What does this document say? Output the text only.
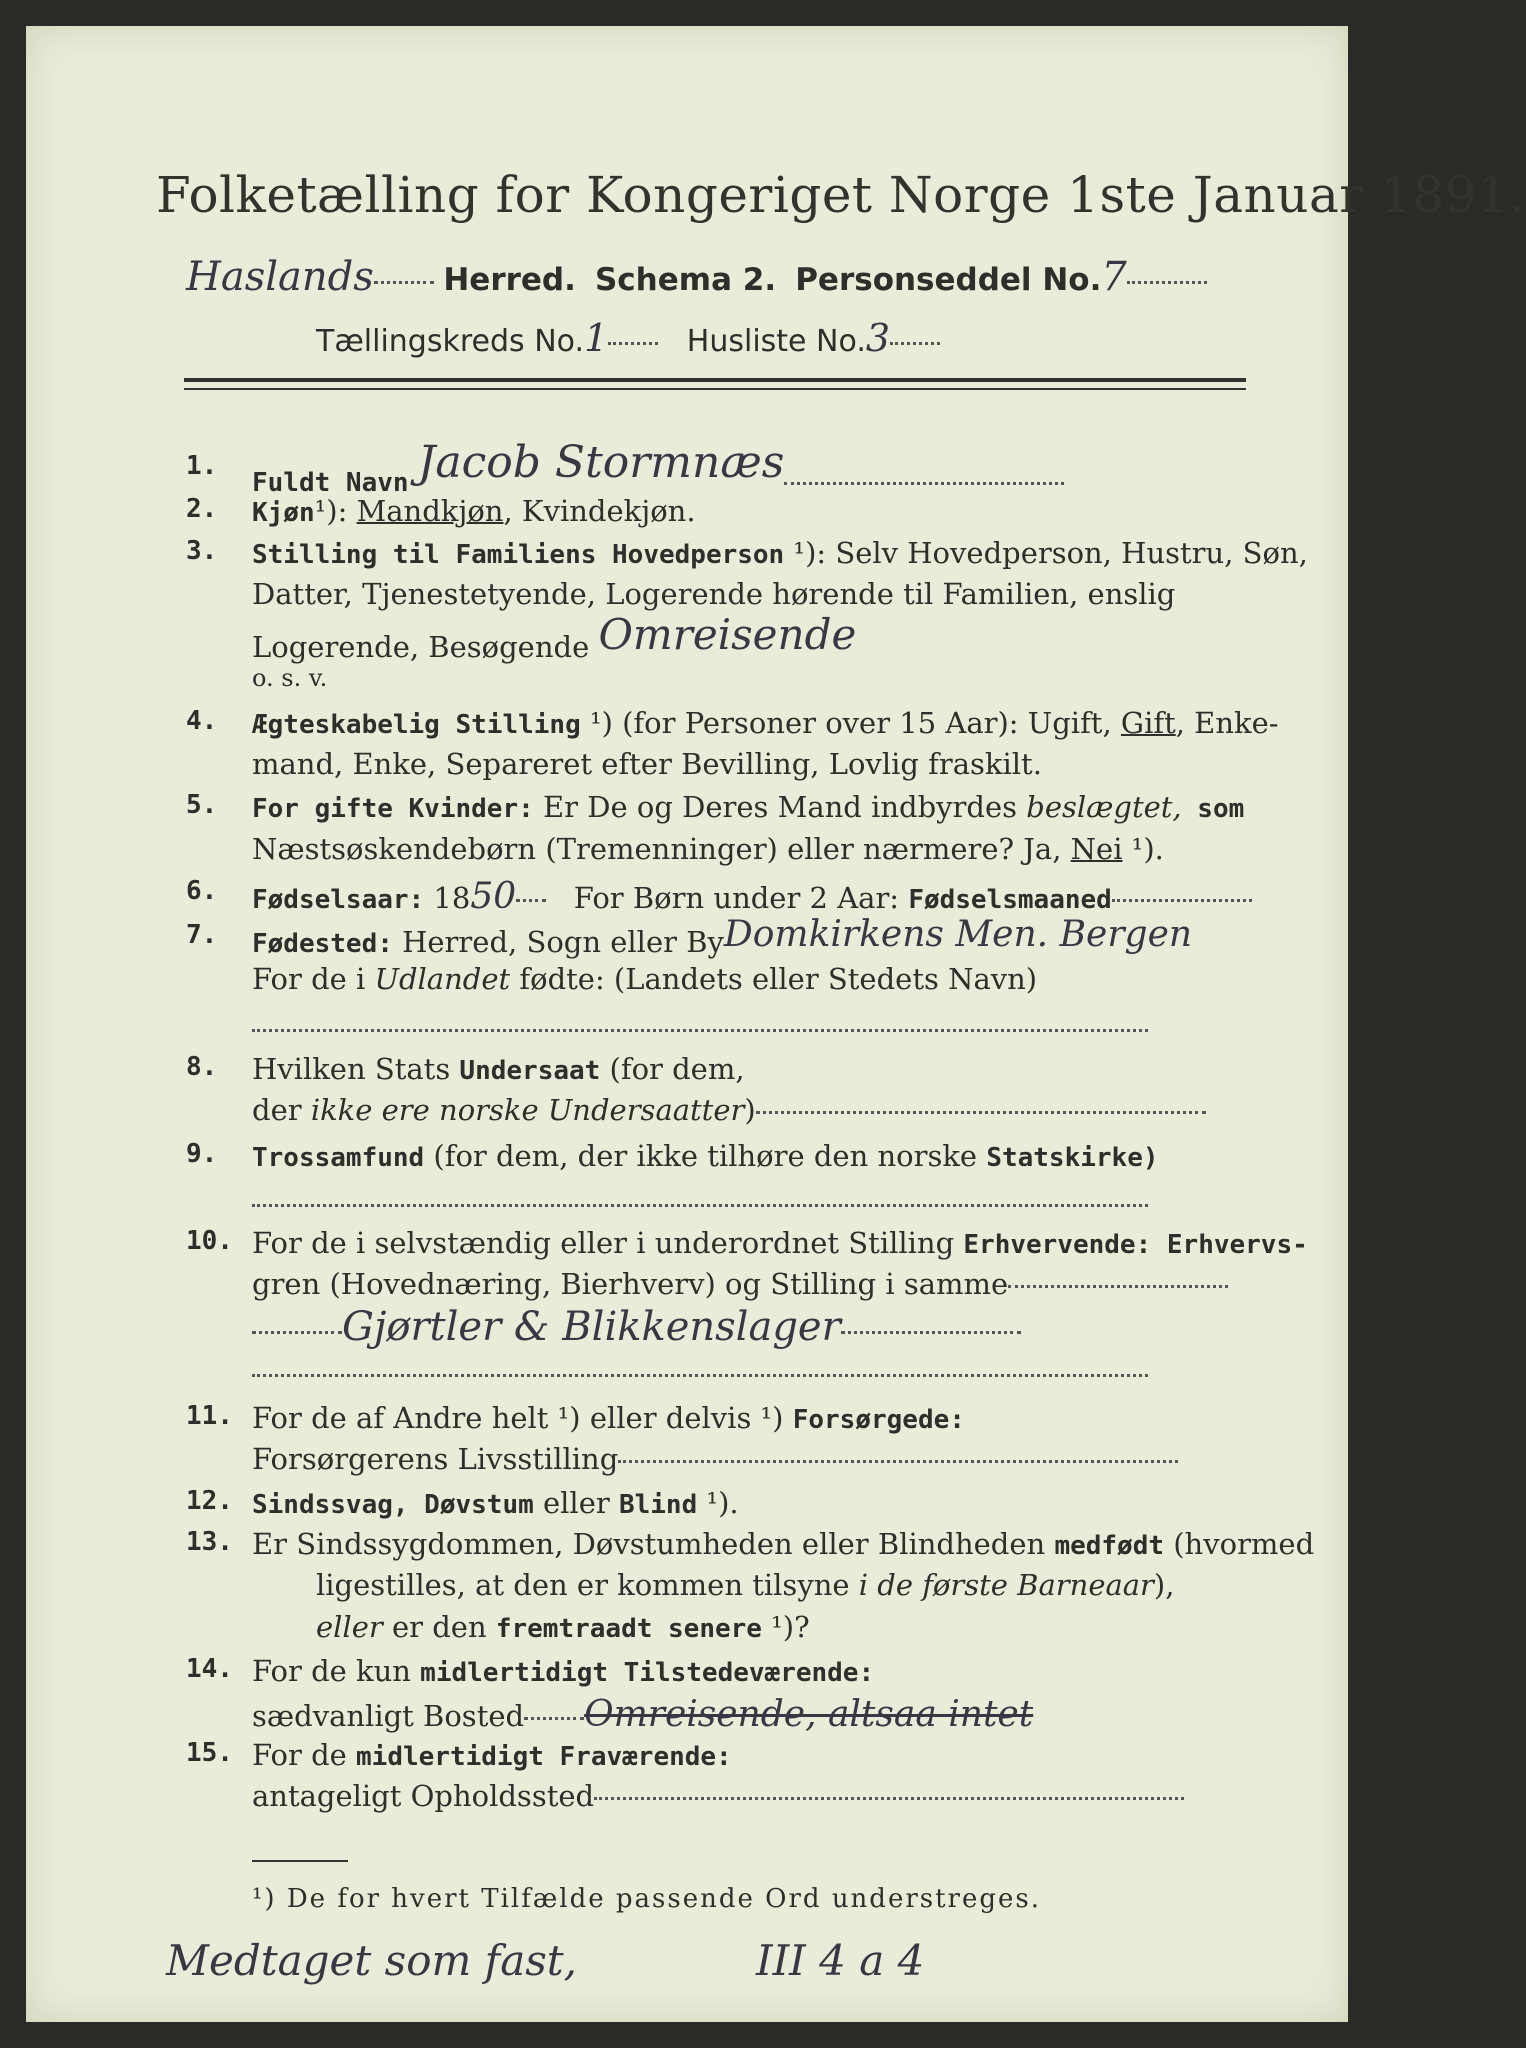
Folketælling for Kongeriget Norge 1ste Januar 1891.
Haslands Herred. Schema 2. Personseddel No.7
Tællingskreds No.1	Husliste No.3
1.
Fuldt Navn Jacob Stormnæs
2.	Kjøn¹): Mandkjøn, Kvindekjøn.
3.	Stilling til Familiens Hovedperson ¹): Selv Hovedperson, Hustru, Søn,
Datter, Tjenestetyende, Logerende hørende til Familien, enslig
Logerende, Besøgende Omreisende
o. s. v.
4.	Ægteskabelig Stilling ¹) (for Personer over 15 Aar): Ugift, Gift, Enke-
mand, Enke, Separeret efter Bevilling, Lovlig fraskilt.
5.	For gifte Kvinder: Er De og Deres Mand indbyrdes beslægtet, som
Næstsøskendebørn (Tremenninger) eller nærmere? Ja, Nei ¹).
6.	Fødselsaar: 1850 For Børn under 2 Aar: Fødselsmaaned
7.	Fødested: Herred, Sogn eller ByDomkirkens Men. Bergen
For de i Udlandet fødte: (Landets eller Stedets Navn)
8.	Hvilken Stats Undersaat (for dem,
der ikke ere norske Undersaatter)
9.	Trossamfund (for dem, der ikke tilhøre den norske Statskirke)
10. For de i selvstændig eller i underordnet Stilling Erhvervende: Erhvervs-
gren (Hovednæring, Bierhverv) og Stilling i samme
Gjørtler & Blikkenslager
11. For de af Andre helt ¹) eller delvis ¹) Forsørgede:
Forsørgerens Livsstilling
12. Sindssvag, Døvstum eller Blind ¹).
13. Er Sindssygdommen, Døvstumheden eller Blindheden medfødt (hvormed
ligestilles, at den er kommen tilsyne i de første Barneaar),
eller er den fremtraadt senere ¹)?
14. For de kun midlertidigt Tilstedeværende:
sædvanligt Bosted Omreisende, altsaa intet
15. For de midlertidigt Fraværende:
antageligt Opholdssted
¹) De for hvert Tilfælde passende Ord understreges.
Medtaget som fast,	III 4 a 4
